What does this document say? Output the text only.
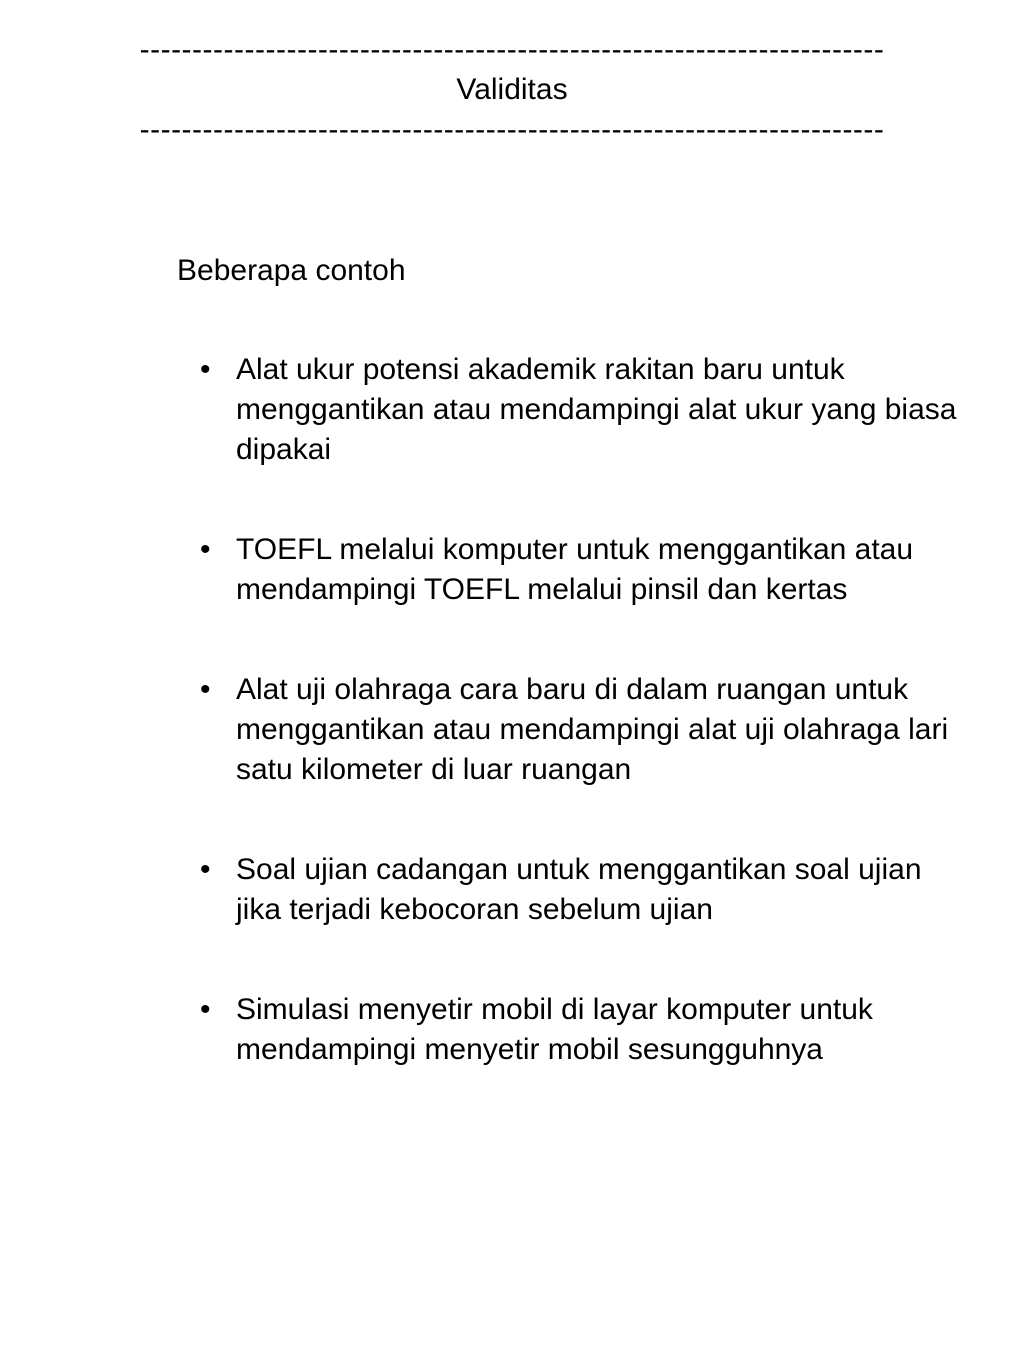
-----------------------------------------------------------------------
Validitas
-----------------------------------------------------------------------

Beberapa contoh

• Alat ukur potensi akademik rakitan baru untuk menggantikan atau mendampingi alat ukur yang biasa dipakai
• TOEFL melalui komputer untuk menggantikan atau mendampingi TOEFL melalui pinsil dan kertas
• Alat uji olahraga cara baru di dalam ruangan untuk menggantikan atau mendampingi alat uji olahraga lari satu kilometer di luar ruangan
• Soal ujian cadangan untuk menggantikan soal ujian jika terjadi kebocoran sebelum ujian
• Simulasi menyetir mobil di layar komputer untuk mendampingi menyetir mobil sesungguhnya
